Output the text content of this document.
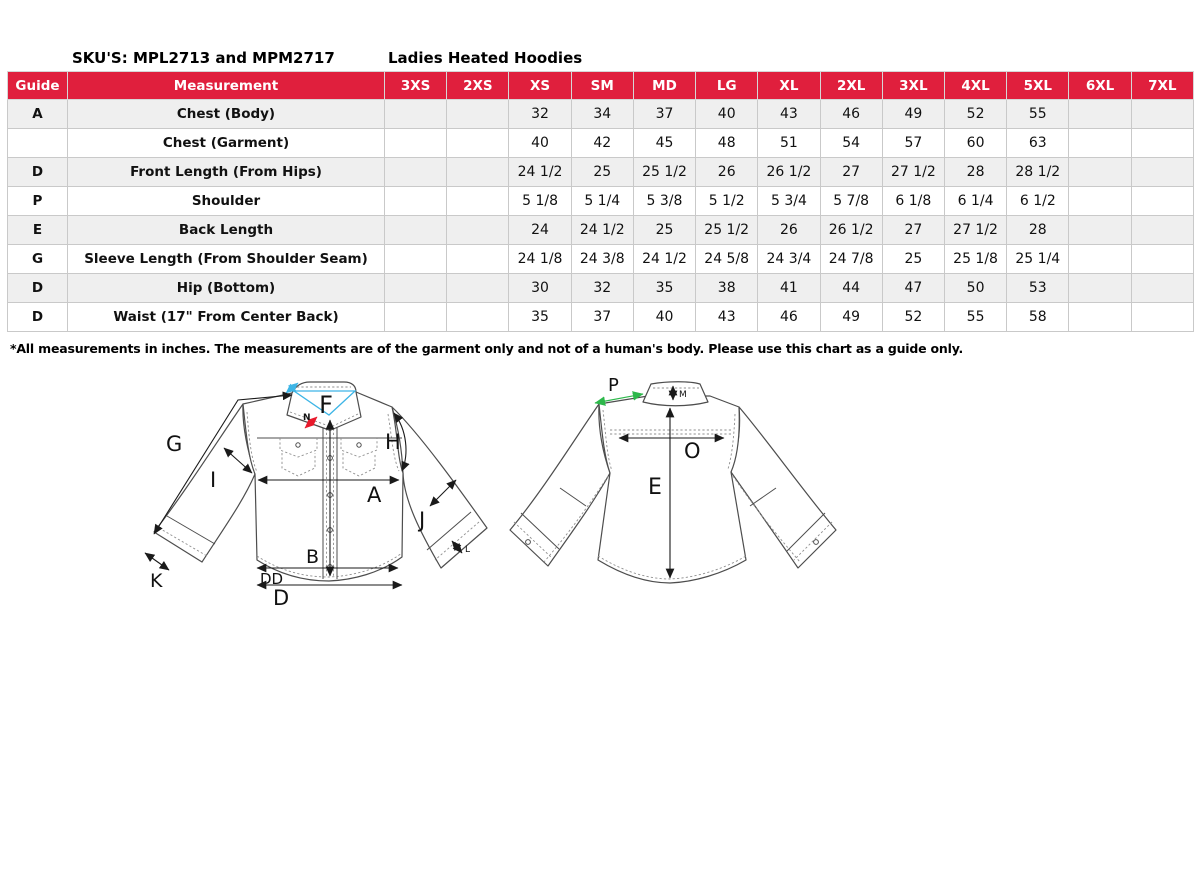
SKU'S: MPL2713 and MPM2717	Ladies Heated Hoodies
Guide	Measurement	3XS	2XS	XS	SM	MD	LG	XL	2XL	3XL	4XL	5XL	6XL	7XL
A	Chest (Body)			32	34	37	40	43	46	49	52	55		
	Chest (Garment)			40	42	45	48	51	54	57	60	63		
D	Front Length (From Hips)			24 1/2	25	25 1/2	26	26 1/2	27	27 1/2	28	28 1/2		
P	Shoulder			5 1/8	5 1/4	5 3/8	5 1/2	5 3/4	5 7/8	6 1/8	6 1/4	6 1/2		
E	Back Length			24	24 1/2	25	25 1/2	26	26 1/2	27	27 1/2	28		
G	Sleeve Length (From Shoulder Seam)			24 1/8	24 3/8	24 1/2	24 5/8	24 3/4	24 7/8	25	25 1/8	25 1/4		
D	Hip (Bottom)			30	32	35	38	41	44	47	50	53		
D	Waist (17" From Center Back)			35	37	40	43	46	49	52	55	58		
*All measurements in inches. The measurements are of the garment only and not of a human's body. Please use this chart as a guide only.
F
N
G
I
K
H
A
J
L
B
DD
D
P	M
O
E
